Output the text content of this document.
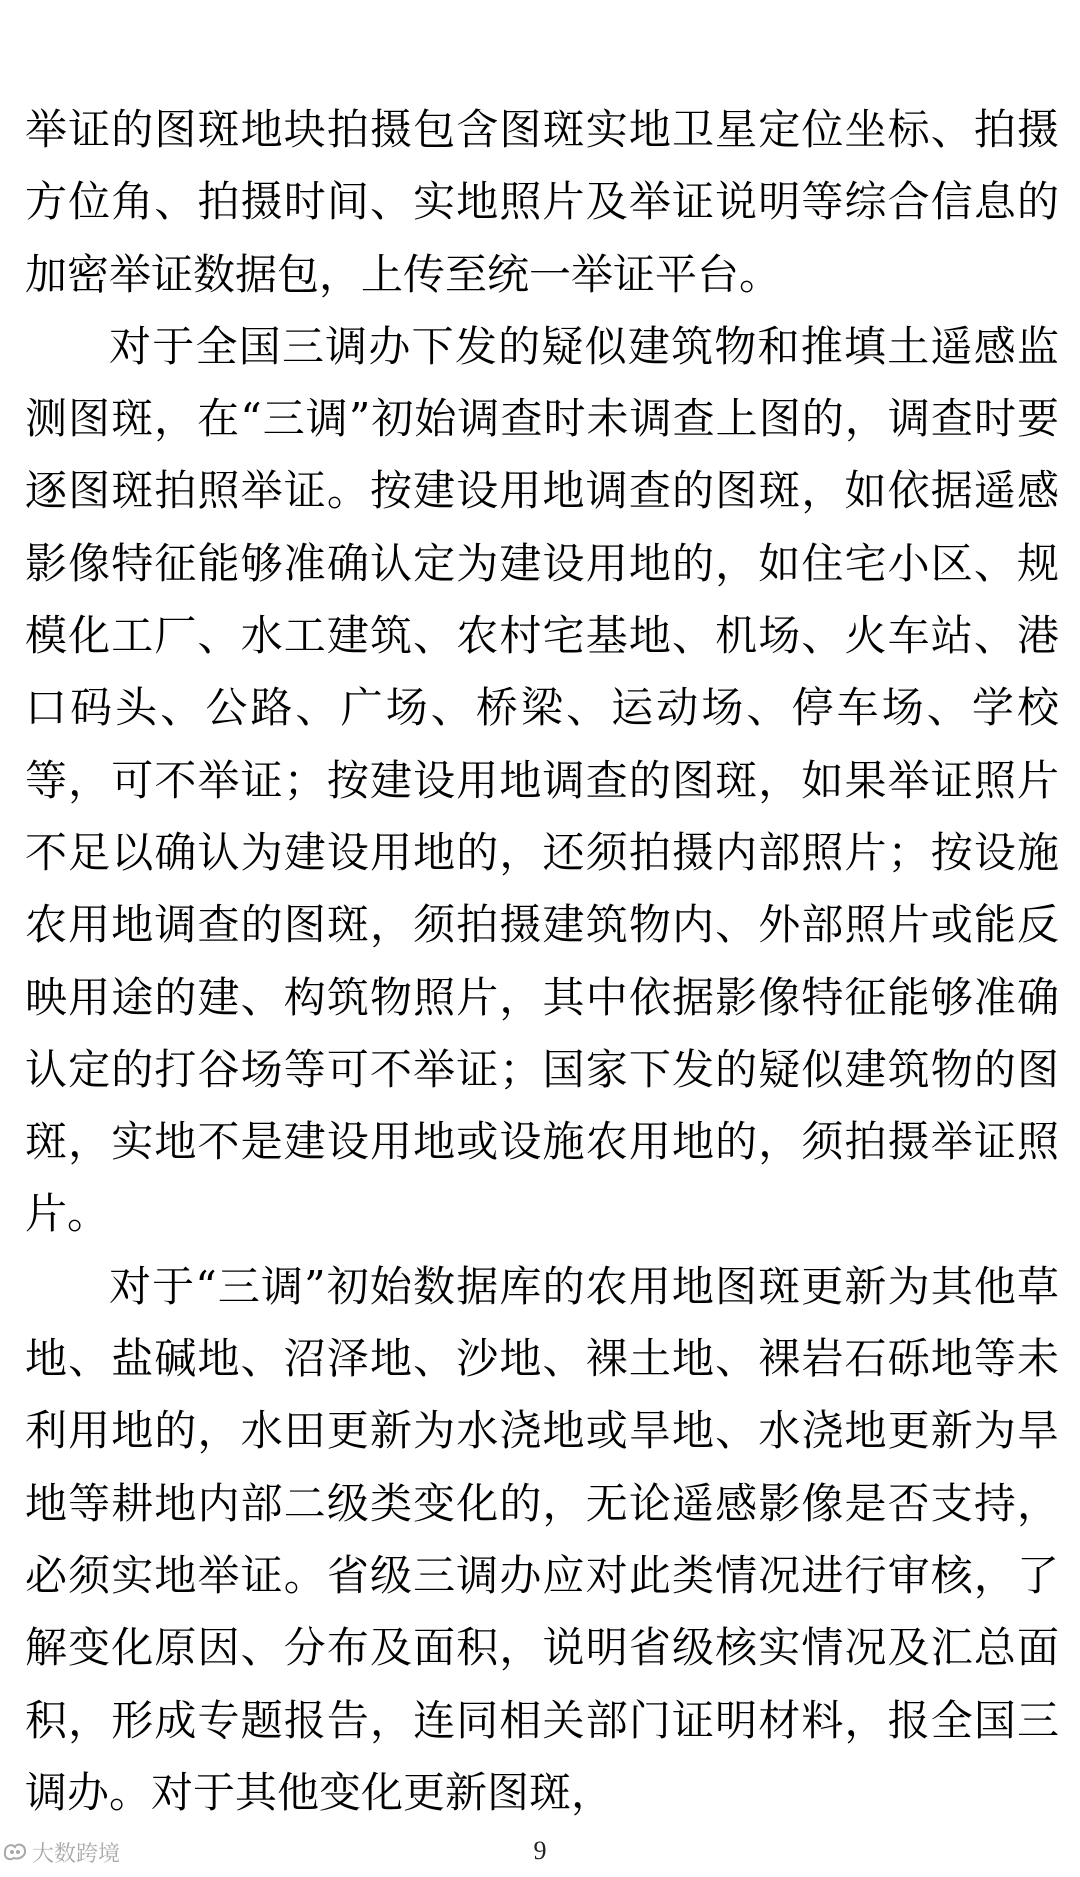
举证的图斑地块拍摄包含图斑实地卫星定位坐标、拍摄方位角、拍摄时间、实地照片及举证说明等综合信息的加密举证数据包，上传至统一举证平台。

对于全国三调办下发的疑似建筑物和推填土遥感监测图斑，在“三调”初始调查时未调查上图的，调查时要逐图斑拍照举证。按建设用地调查的图斑，如依据遥感影像特征能够准确认定为建设用地的，如住宅小区、规模化工厂、水工建筑、农村宅基地、机场、火车站、港口码头、公路、广场、桥梁、运动场、停车场、学校等，可不举证；按建设用地调查的图斑，如果举证照片不足以确认为建设用地的，还须拍摄内部照片；按设施农用地调查的图斑，须拍摄建筑物内、外部照片或能反映用途的建、构筑物照片，其中依据影像特征能够准确认定的打谷场等可不举证；国家下发的疑似建筑物的图斑，实地不是建设用地或设施农用地的，须拍摄举证照片。

对于“三调”初始数据库的农用地图斑更新为其他草地、盐碱地、沼泽地、沙地、裸土地、裸岩石砾地等未利用地的，水田更新为水浇地或旱地、水浇地更新为旱地等耕地内部二级类变化的，无论遥感影像是否支持，必须实地举证。省级三调办应对此类情况进行审核，了解变化原因、分布及面积，说明省级核实情况及汇总面积，形成专题报告，连同相关部门证明材料，报全国三调办。对于其他变化更新图斑，

大数跨境	9
